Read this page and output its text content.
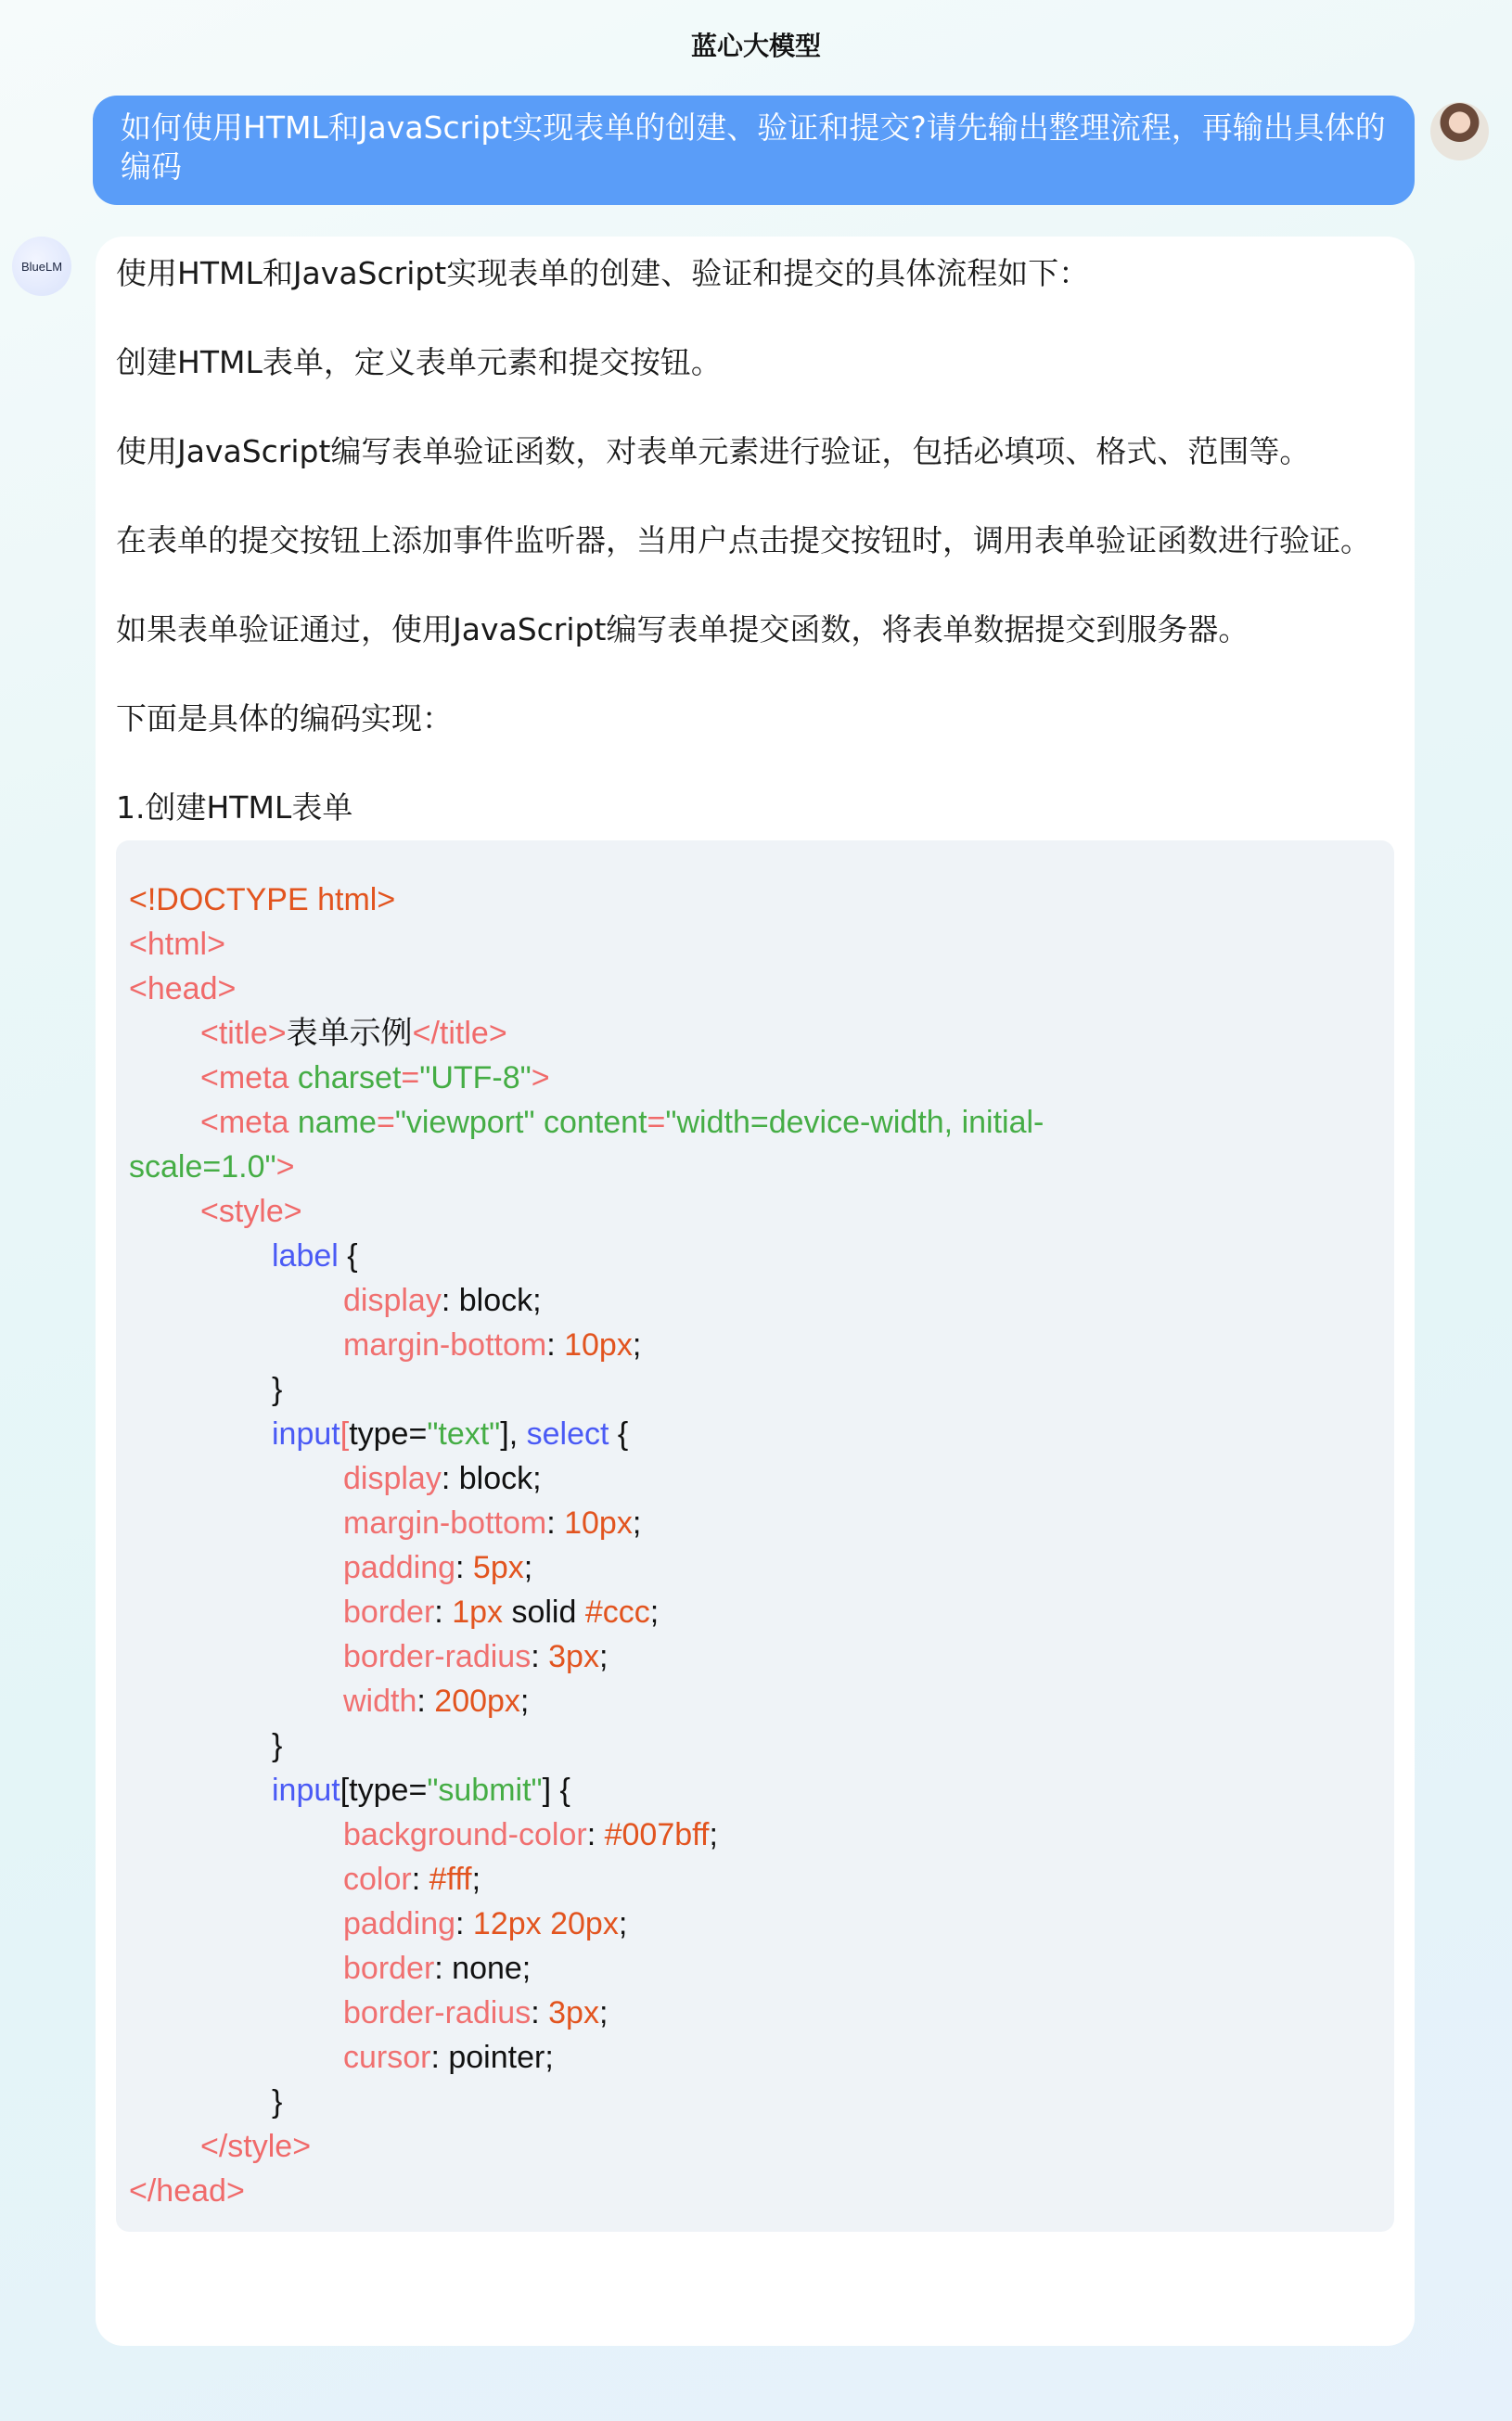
蓝心大模型
如何使用HTML和JavaScript实现表单的创建、验证和提交?请先输出整理流程，再输出具体的编码
BlueLM 使用HTML和JavaScript实现表单的创建、验证和提交的具体流程如下：

创建HTML表单，定义表单元素和提交按钮。

使用JavaScript编写表单验证函数，对表单元素进行验证，包括必填项、格式、范围等。

在表单的提交按钮上添加事件监听器，当用户点击提交按钮时，调用表单验证函数进行验证。

如果表单验证通过，使用JavaScript编写表单提交函数，将表单数据提交到服务器。

下面是具体的编码实现：

1.创建HTML表单

<!DOCTYPE html>
<html>
<head>
<title>表单示例</title>
<meta charset="UTF-8">
<meta name="viewport" content="width=device-width, initial-
scale=1.0">
<style>
label {
display: block;
margin-bottom: 10px;
}
input[type="text"], select {
display: block;
margin-bottom: 10px;
padding: 5px;
border: 1px solid #ccc;
border-radius: 3px;
width: 200px;
}
input[type="submit"] {
background-color: #007bff;
color: #fff;
padding: 12px 20px;
border: none;
border-radius: 3px;
cursor: pointer;
}
</style>
</head>
